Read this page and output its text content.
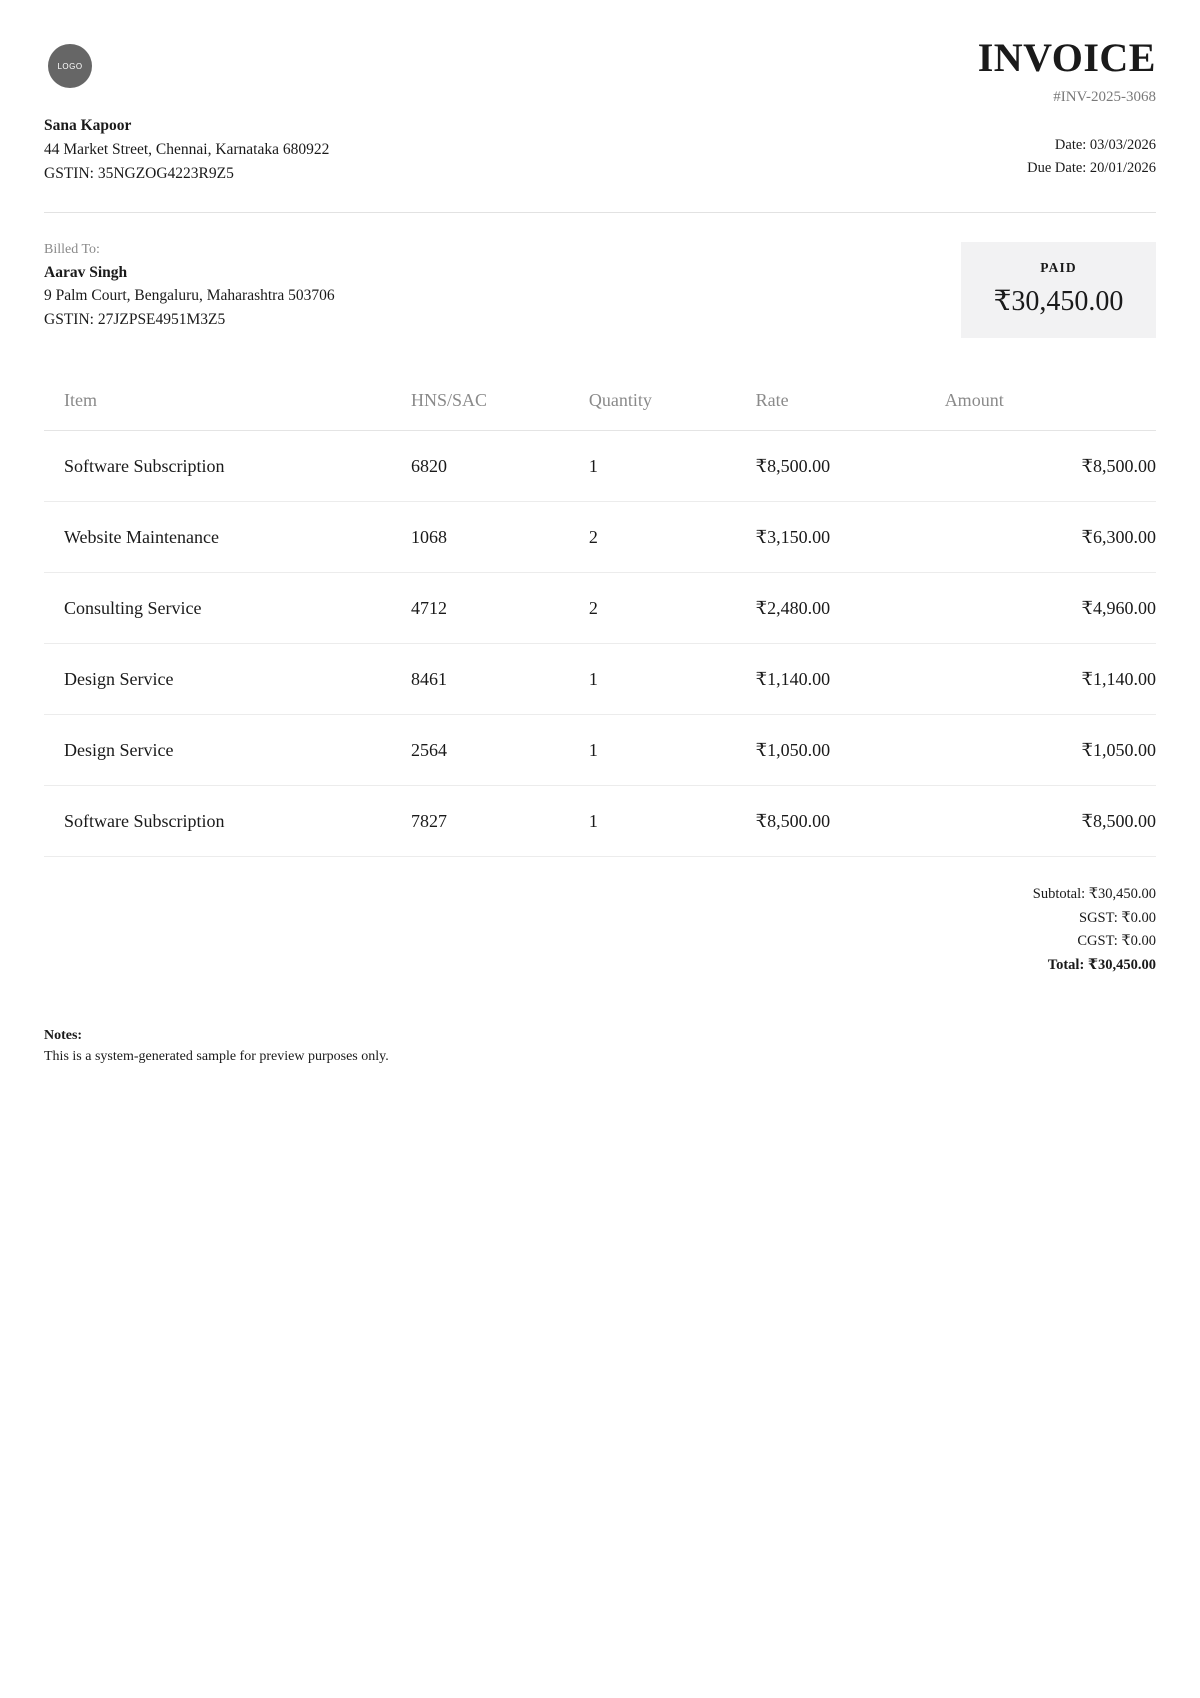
LOGO
Sana Kapoor
44 Market Street, Chennai, Karnataka 680922
GSTIN: 35NGZOG4223R9Z5
INVOICE
#INV-2025-3068
Date: 03/03/2026
Due Date: 20/01/2026
Billed To:
Aarav Singh
9 Palm Court, Bengaluru, Maharashtra 503706
GSTIN: 27JZPSE4951M3Z5
PAID
₹30,450.00
Item	HNS/SAC	Quantity	Rate	Amount
Software Subscription	6820	1	₹8,500.00	₹8,500.00
Website Maintenance	1068	2	₹3,150.00	₹6,300.00
Consulting Service	4712	2	₹2,480.00	₹4,960.00
Design Service	8461	1	₹1,140.00	₹1,140.00
Design Service	2564	1	₹1,050.00	₹1,050.00
Software Subscription	7827	1	₹8,500.00	₹8,500.00
Subtotal: ₹30,450.00
SGST: ₹0.00
CGST: ₹0.00
Total: ₹30,450.00
Notes:
This is a system-generated sample for preview purposes only.
